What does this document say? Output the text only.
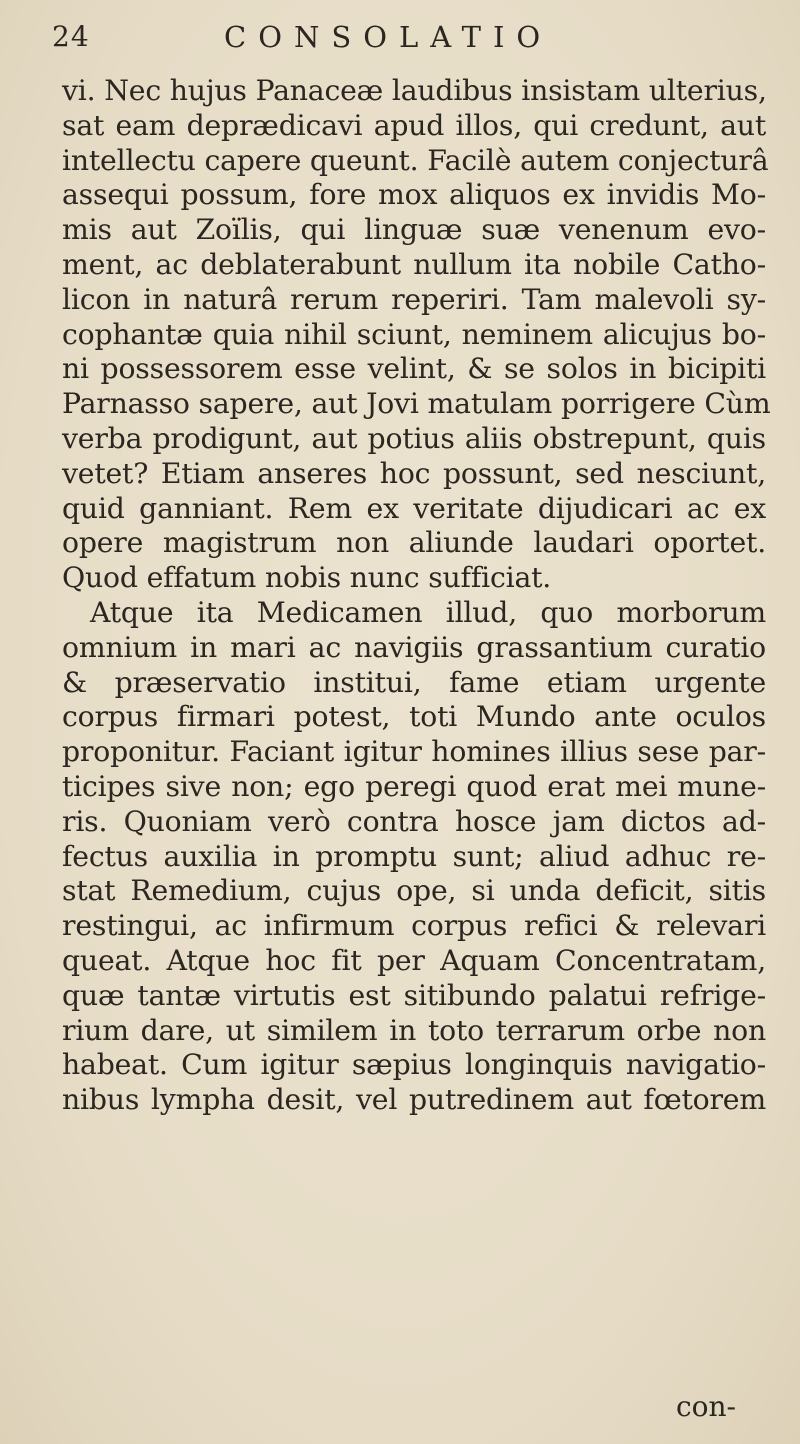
24	CONSOLATIO
vi. Nec hujus Panaceæ laudibus insistam ulterius,
sat eam deprædicavi apud illos, qui credunt, aut
intellectu capere queunt. Facilè autem conjecturâ
assequi possum, fore mox aliquos ex invidis Mo-
mis aut Zoïlis, qui linguæ suæ venenum evo-
ment, ac deblaterabunt nullum ita nobile Catho-
licon in naturâ rerum reperiri. Tam malevoli sy-
cophantæ quia nihil sciunt, neminem alicujus bo-
ni possessorem esse velint, & se solos in bicipiti
Parnasso sapere, aut Jovi matulam porrigere Cùm
verba prodigunt, aut potius aliis obstrepunt, quis
vetet? Etiam anseres hoc possunt, sed nesciunt,
quid ganniant. Rem ex veritate dijudicari ac ex
opere magistrum non aliunde laudari oportet.
Quod effatum nobis nunc sufficiat.
Atque ita Medicamen illud, quo morborum
omnium in mari ac navigiis grassantium curatio
& præservatio institui, fame etiam urgente
corpus firmari potest, toti Mundo ante oculos
proponitur. Faciant igitur homines illius sese par-
ticipes sive non; ego peregi quod erat mei mune-
ris. Quoniam verò contra hosce jam dictos ad-
fectus auxilia in promptu sunt; aliud adhuc re-
stat Remedium, cujus ope, si unda deficit, sitis
restingui, ac infirmum corpus refici & relevari
queat. Atque hoc fit per Aquam Concentratam,
quæ tantæ virtutis est sitibundo palatui refrige-
rium dare, ut similem in toto terrarum orbe non
habeat. Cum igitur sæpius longinquis navigatio-
nibus lympha desit, vel putredinem aut fœtorem
con-
